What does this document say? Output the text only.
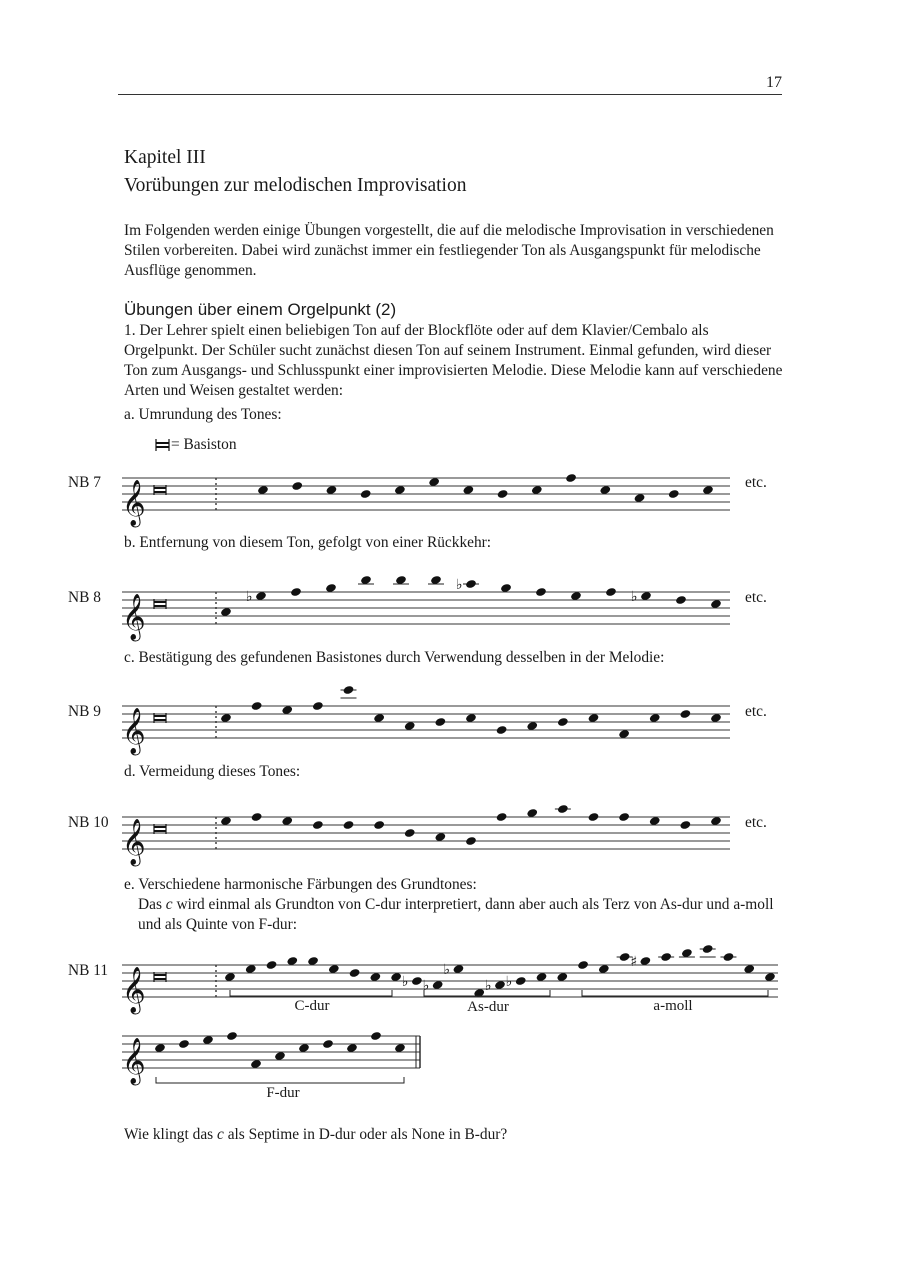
17
Kapitel III
Vorübungen zur melodischen Improvisation
Im Folgenden werden einige Übungen vorgestellt, die auf die melodische Improvisation in verschiedenen Stilen vorbereiten. Dabei wird zunächst immer ein festliegender Ton als Ausgangspunkt für melodische Ausflüge genommen.
Übungen über einem Orgelpunkt (2)
1. Der Lehrer spielt einen beliebigen Ton auf der Blockflöte oder auf dem Klavier/Cembalo als Orgelpunkt. Der Schüler sucht zunächst diesen Ton auf seinem Instrument. Einmal gefunden, wird dieser Ton zum Ausgangs- und Schlusspunkt einer improvisierten Melodie. Diese Melodie kann auf verschiedene Arten und Weisen gestaltet werden:
a. Umrundung des Tones:
= Basiston
NB 7 𝄞	etc.
b. Entfernung von diesem Ton, gefolgt von einer Rückkehr:
NB 8 𝄞	♭
♭
♭	etc.
c. Bestätigung des gefundenen Basistones durch Verwendung desselben in der Melodie:
NB 9 𝄞	etc.
d. Vermeidung dieses Tones:
NB 10 𝄞	etc.
e. Verschiedene harmonische Färbungen des Grundtones:
Das c wird einmal als Grundton von C-dur interpretiert, dann aber auch als Terz von As-dur und a-moll und als Quinte von F-dur:
NB 11 𝄞	♭ ♭
♭
♭ ♭
♯
C-dur	As-dur	a-moll
𝄞
F-dur
Wie klingt das c als Septime in D-dur oder als None in B-dur?
